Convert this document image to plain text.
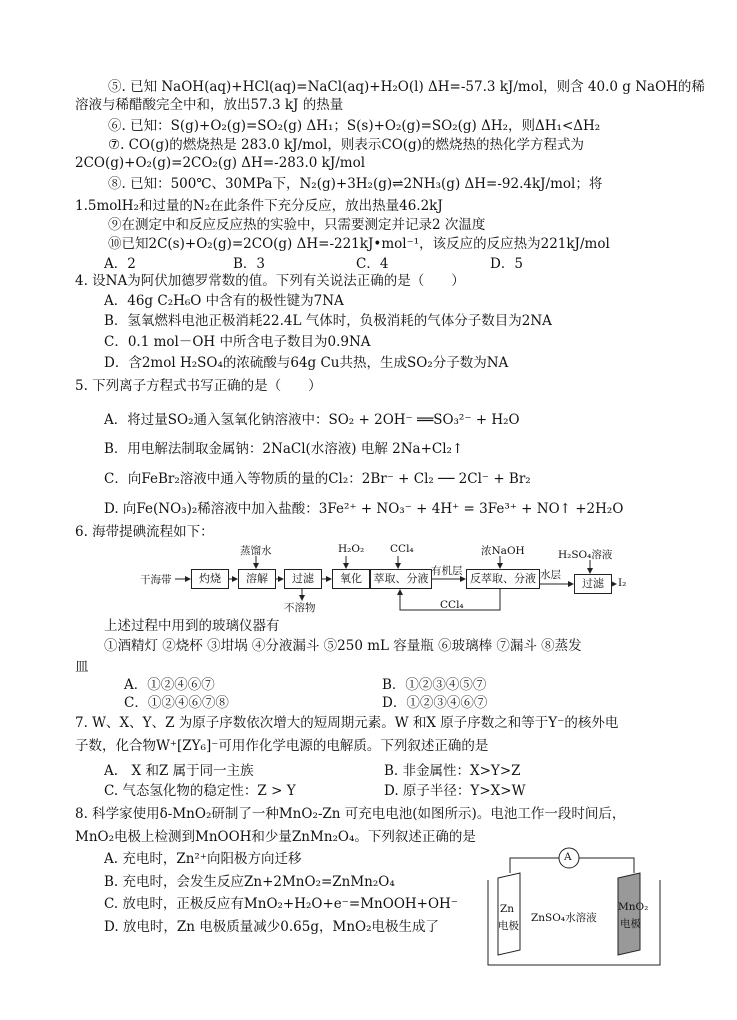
⑤. 已知 NaOH(aq)+HCl(aq)=NaCl(aq)+H₂O(l) ΔH=-57.3 kJ/mol，则含 40.0 g NaOH的稀
溶液与稀醋酸完全中和，放出57.3 kJ 的热量
⑥. 已知：S(g)+O₂(g)=SO₂(g) ΔH₁；S(s)+O₂(g)=SO₂(g) ΔH₂，则ΔH₁<ΔH₂
⑦. CO(g)的燃烧热是 283.0 kJ/mol，则表示CO(g)的燃烧热的热化学方程式为
2CO(g)+O₂(g)=2CO₂(g) ΔH=-283.0 kJ/mol
⑧. 已知：500℃、30MPa下，N₂(g)+3H₂(g)⇌2NH₃(g) ΔH=-92.4kJ/mol；将
1.5molH₂和过量的N₂在此条件下充分反应，放出热量46.2kJ
⑨在测定中和反应反应热的实验中，只需要测定并记录2 次温度
⑩已知2C(s)+O₂(g)=2CO(g) ΔH=-221kJ•mol⁻¹，该反应的反应热为221kJ/mol
4. 设NA为阿伏加德罗常数的值。下列有关说法正确的是（　　）
A．46g C₂H₆O 中含有的极性键为7NA
B．氢氧燃料电池正极消耗22.4L 气体时，负极消耗的气体分子数目为2NA
C．0.1 mol－OH 中所含电子数目为0.9NA
D．含2mol H₂SO₄的浓硫酸与64g Cu共热，生成SO₂分子数为NA
5. 下列离子方程式书写正确的是（　　）
A．将过量SO₂通入氢氧化钠溶液中：SO₂ + 2OH⁻ ══SO₃²⁻ + H₂O
B．用电解法制取金属钠：2NaCl(水溶液) 电解 2Na+Cl₂↑
C．向FeBr₂溶液中通入等物质的量的Cl₂：2Br⁻ + Cl₂ ── 2Cl⁻ + Br₂
D. 向Fe(NO₃)₂稀溶液中加入盐酸：3Fe²⁺ + NO₃⁻ + 4H⁺ = 3Fe³⁺ + NO↑ +2H₂O
6. 海带提碘流程如下：
上述过程中用到的玻璃仪器有
①酒精灯 ②烧杯 ③坩埚 ④分液漏斗 ⑤250 mL 容量瓶 ⑥玻璃棒 ⑦漏斗 ⑧蒸发
皿
7. W、X、Y、Z 为原子序数依次增大的短周期元素。W 和X 原子序数之和等于Y⁻的核外电
子数，化合物W⁺[ZY₆]⁻可用作化学电源的电解质。下列叙述正确的是
8. 科学家使用δ-MnO₂研制了一种MnO₂-Zn 可充电电池(如图所示)。电池工作一段时间后，
MnO₂电极上检测到MnOOH和少量ZnMn₂O₄。下列叙述正确的是
A. 充电时，Zn²⁺向阳极方向迁移
B. 充电时，会发生反应Zn+2MnO₂=ZnMn₂O₄
C. 放电时，正极反应有MnO₂+H₂O+e⁻=MnOOH+OH⁻
D. 放电时，Zn 电极质量减少0.65g，MnO₂电极生成了
A．2	B．3	C．4	D．5
A．①②④⑥⑦	B．①②③④⑤⑦
C．①②④⑥⑦⑧	D．①②③④⑥⑦
A.　X 和Z 属于同一主族	B. 非金属性：X>Y>Z
C. 气态氢化物的稳定性：Z > Y	D. 原子半径：Y>X>W
干海带	灼烧	溶解	过滤	氧化	萃取、分液	反萃取、分液	过滤	I₂
蒸馏水	H₂O₂ CCl₄	浓NaOH	H₂SO₄溶液
不溶物
有机层	水层
CCl₄
A
Zn
电极
ZnSO₄水溶液
MnO₂
电极
